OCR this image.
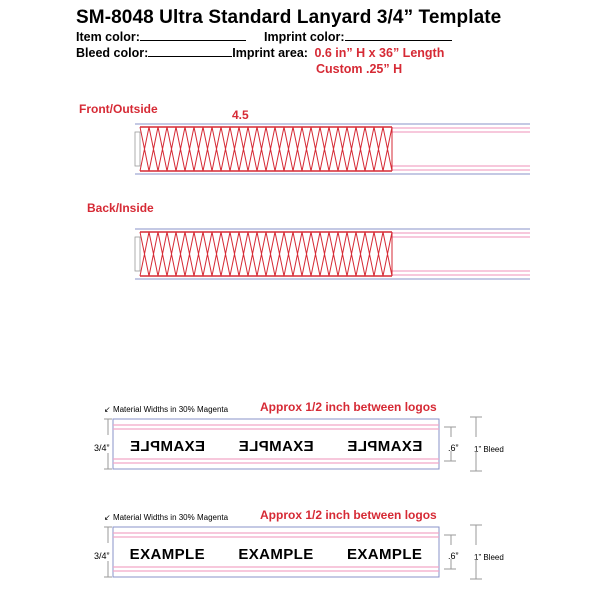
SM-8048 Ultra Standard Lanyard 3/4” Template
Item color:	Imprint color:
Bleed color:	Imprint area: 0.6 in” H x 36” Length
Custom .25” H
Front/Outside	4.5
Back/Inside
↙ Material Widths in 30% Magenta	Approx 1/2 inch between logos
3/4”	.6” 1” Bleed
EXAMPLE
EXAMPLE
EXAMPLE
↙ Material Widths in 30% Magenta	Approx 1/2 inch between logos
3/4”	.6” 1” Bleed
EXAMPLE EXAMPLE EXAMPLE
